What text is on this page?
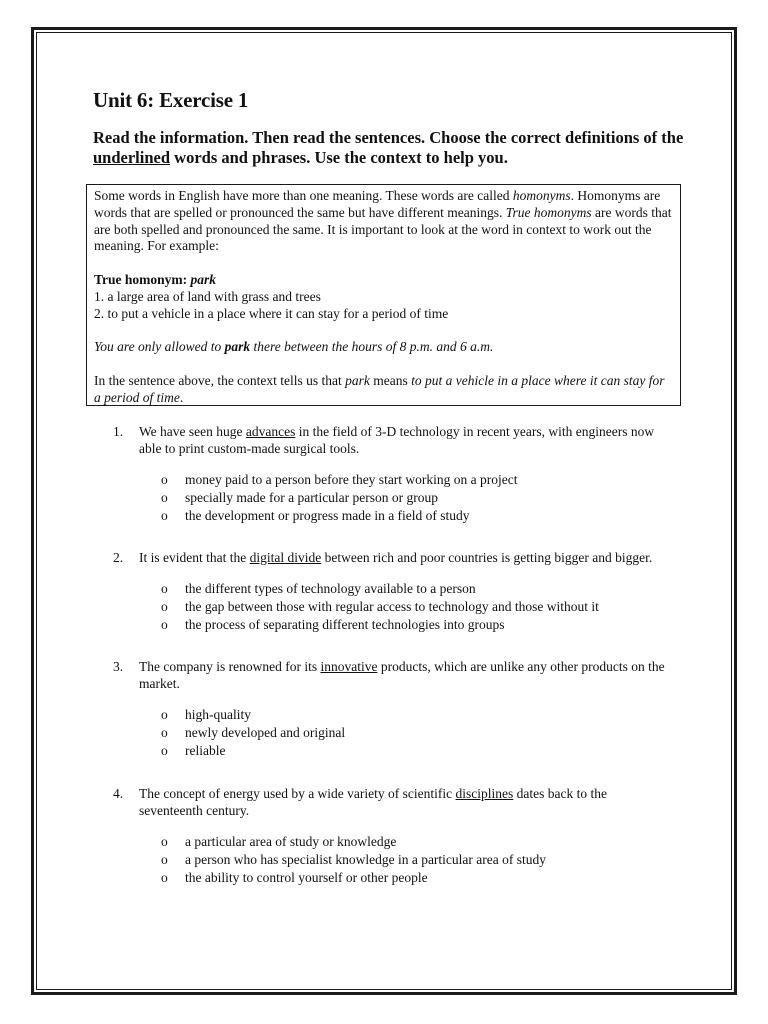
Unit 6: Exercise 1

Read the information. Then read the sentences. Choose the correct definitions of the underlined words and phrases. Use the context to help you.

Some words in English have more than one meaning. These words are called homonyms. Homonyms are words that are spelled or pronounced the same but have different meanings. True homonyms are words that are both spelled and pronounced the same. It is important to look at the word in context to work out the meaning. For example:

True homonym: park

1. a large area of land with grass and trees

2. to put a vehicle in a place where it can stay for a period of time

You are only allowed to park there between the hours of 8 p.m. and 6 a.m.

In the sentence above, the context tells us that park means to put a vehicle in a place where it can stay for a period of time.

1.	We have seen huge advances in the field of 3-D technology in recent years, with engineers now able to print custom-made surgical tools.
o	money paid to a person before they start working on a project
o	specially made for a particular person or group
o	the development or progress made in a field of study
2.	It is evident that the digital divide between rich and poor countries is getting bigger and bigger.
o	the different types of technology available to a person
o	the gap between those with regular access to technology and those without it
o	the process of separating different technologies into groups
3.	The company is renowned for its innovative products, which are unlike any other products on the market.
o	high-quality
o	newly developed and original
o	reliable
4.	The concept of energy used by a wide variety of scientific disciplines dates back to the seventeenth century.
o	a particular area of study or knowledge
o	a person who has specialist knowledge in a particular area of study
o	the ability to control yourself or other people
